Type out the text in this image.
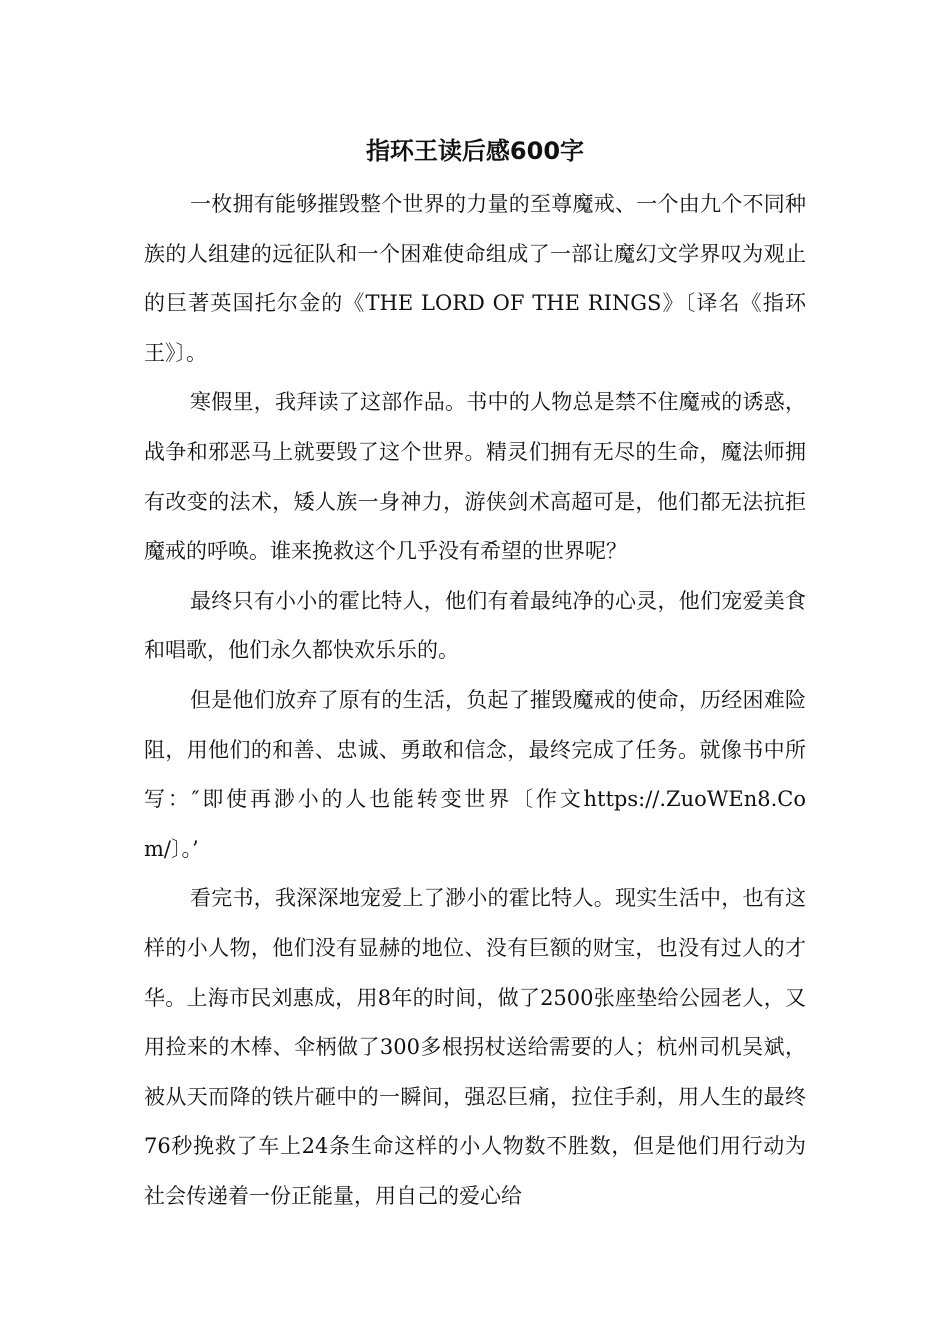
指环王读后感600字

一枚拥有能够摧毁整个世界的力量的至尊魔戒、一个由九个不同种族的人组建的远征队和一个困难使命组成了一部让魔幻文学界叹为观止的巨著英国托尔金的《THE LORD OF THE RINGS》〔译名《指环王》〕。

寒假里，我拜读了这部作品。书中的人物总是禁不住魔戒的诱惑，战争和邪恶马上就要毁了这个世界。精灵们拥有无尽的生命，魔法师拥有改变的法术，矮人族一身神力，游侠剑术高超可是，他们都无法抗拒魔戒的呼唤。谁来挽救这个几乎没有希望的世界呢？

最终只有小小的霍比特人，他们有着最纯净的心灵，他们宠爱美食和唱歌，他们永久都快欢乐乐的。

但是他们放弃了原有的生活，负起了摧毁魔戒的使命，历经困难险阻，用他们的和善、忠诚、勇敢和信念，最终完成了任务。就像书中所写：″即使再渺小的人也能转变世界〔作文https://.ZuoWEn8.Com/〕。’

看完书，我深深地宠爱上了渺小的霍比特人。现实生活中，也有这样的小人物，他们没有显赫的地位、没有巨额的财宝，也没有过人的才华。上海市民刘惠成，用8年的时间，做了2500张座垫给公园老人，又用捡来的木棒、伞柄做了300多根拐杖送给需要的人；杭州司机吴斌，被从天而降的铁片砸中的一瞬间，强忍巨痛，拉住手刹，用人生的最终76秒挽救了车上24条生命这样的小人物数不胜数，但是他们用行动为社会传递着一份正能量，用自己的爱心给
